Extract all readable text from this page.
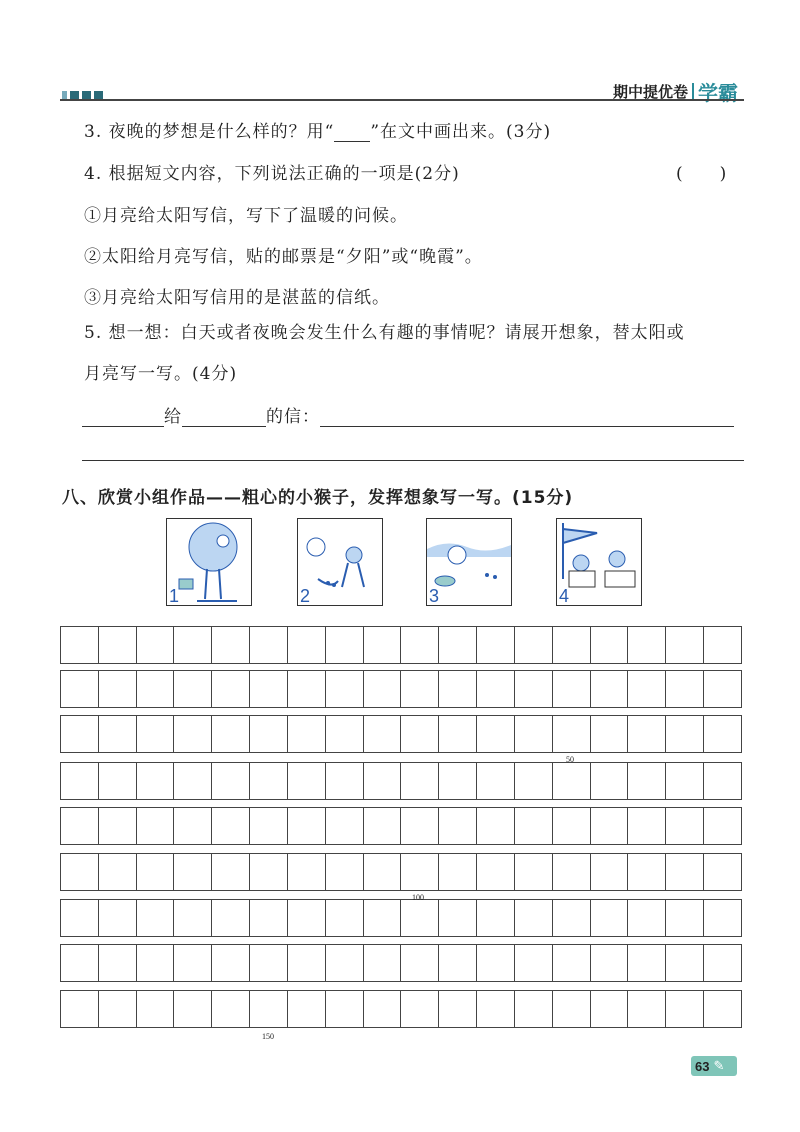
期中提优卷 学霸
3. 夜晚的梦想是什么样的？用“ ”在文中画出来。(3分)
4. 根据短文内容，下列说法正确的一项是(2分)	(　　)
①月亮给太阳写信，写下了温暖的问候。
②太阳给月亮写信，贴的邮票是“夕阳”或“晚霞”。
③月亮给太阳写信用的是湛蓝的信纸。
5. 想一想：白天或者夜晚会发生什么有趣的事情呢？请展开想象，替太阳或
月亮写一写。(4分)
给	的信：
八、欣赏小组作品——粗心的小猴子，发挥想象写一写。(15分)
1	2	3	4
50
100
150
63 ✎
